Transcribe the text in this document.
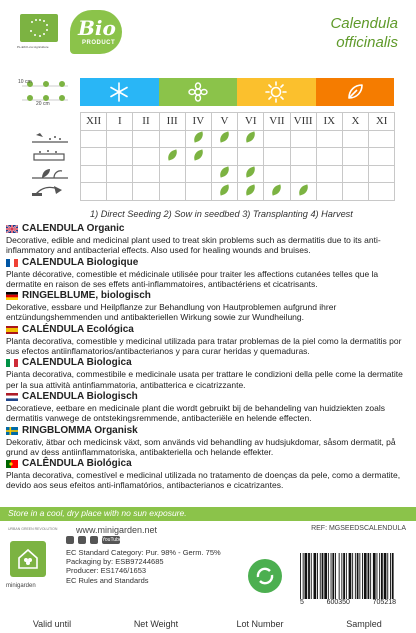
PL-EKO-xxx Agriculture
Bio
PRODUCT
Calendula
officinalis
10 cm
20 cm
XII	I	II	III	IV	V	VI	VII	VIII	IX	X	XI

1) Direct Seeding 2) Sow in seedbed 3) Transplanting 4) Harvest
CALENDULA Organic
Decorative, edible and medicinal plant used to treat skin problems such as dermatitis due to its anti-inflammatory and antibacterial effects. Also used for healing wounds and bruises.
CALENDULA Biologique
Plante décorative, comestible et médicinale utilisée pour traiter les affections cutanées telles que la dermatite en raison de ses effets anti-inflammatoires, antibactériens et cicatrisants.
RINGELBLUME, biologisch
Dekorative, essbare und Heilpflanze zur Behandlung von Hautproblemen aufgrund ihrer entzündungshemmenden und antibakteriellen Wirkung sowie zur Wundheilung.
CALÉNDULA Ecológica
Planta decorativa, comestible y medicinal utilizada para tratar problemas de la piel como la dermatitis por sus efectos antiinflamatorios/antibacterianos y para curar heridas y quemaduras.
CALENDULA Biologica
Pianta decorativa, commestibile e medicinale usata per trattare le condizioni della pelle come la dermatite per la sua attività antinfiammatoria, antibatterica e cicatrizzante.
CALENDULA Biologisch
Decoratieve, eetbare en medicinale plant die wordt gebruikt bij de behandeling van huidziekten zoals dermatitis vanwege de ontstekingsremmende, antibacteriële en helende effecten.
RINGBLOMMA Organisk
Dekorativ, ätbar och medicinsk växt, som används vid behandling av hudsjukdomar, såsom dermatit, på grund av dess antiinflammatoriska, antibakteriella och helande effekter.
CALÊNDULA Biológica
Planta decorativa, comestível e medicinal utilizada no tratamento de doenças da pele, como a dermatite, devido aos seus efeitos anti-inflamatórios, antibacterianos e cicatrizantes.
Store in a cool, dry place with no sun exposure.
URBAN GREEN REVOLUTION
minigarden
www.minigarden.net
YouTube
EC Standard Category: Pur. 98% - Germ. 75%
Packaging by: ESB97244685
Producer: ES1746/1653
EC Rules and Standards
REF: MGSEEDSCALENDULA
5	600350	705218
Valid until	Net Weight	Lot Number	Sampled
